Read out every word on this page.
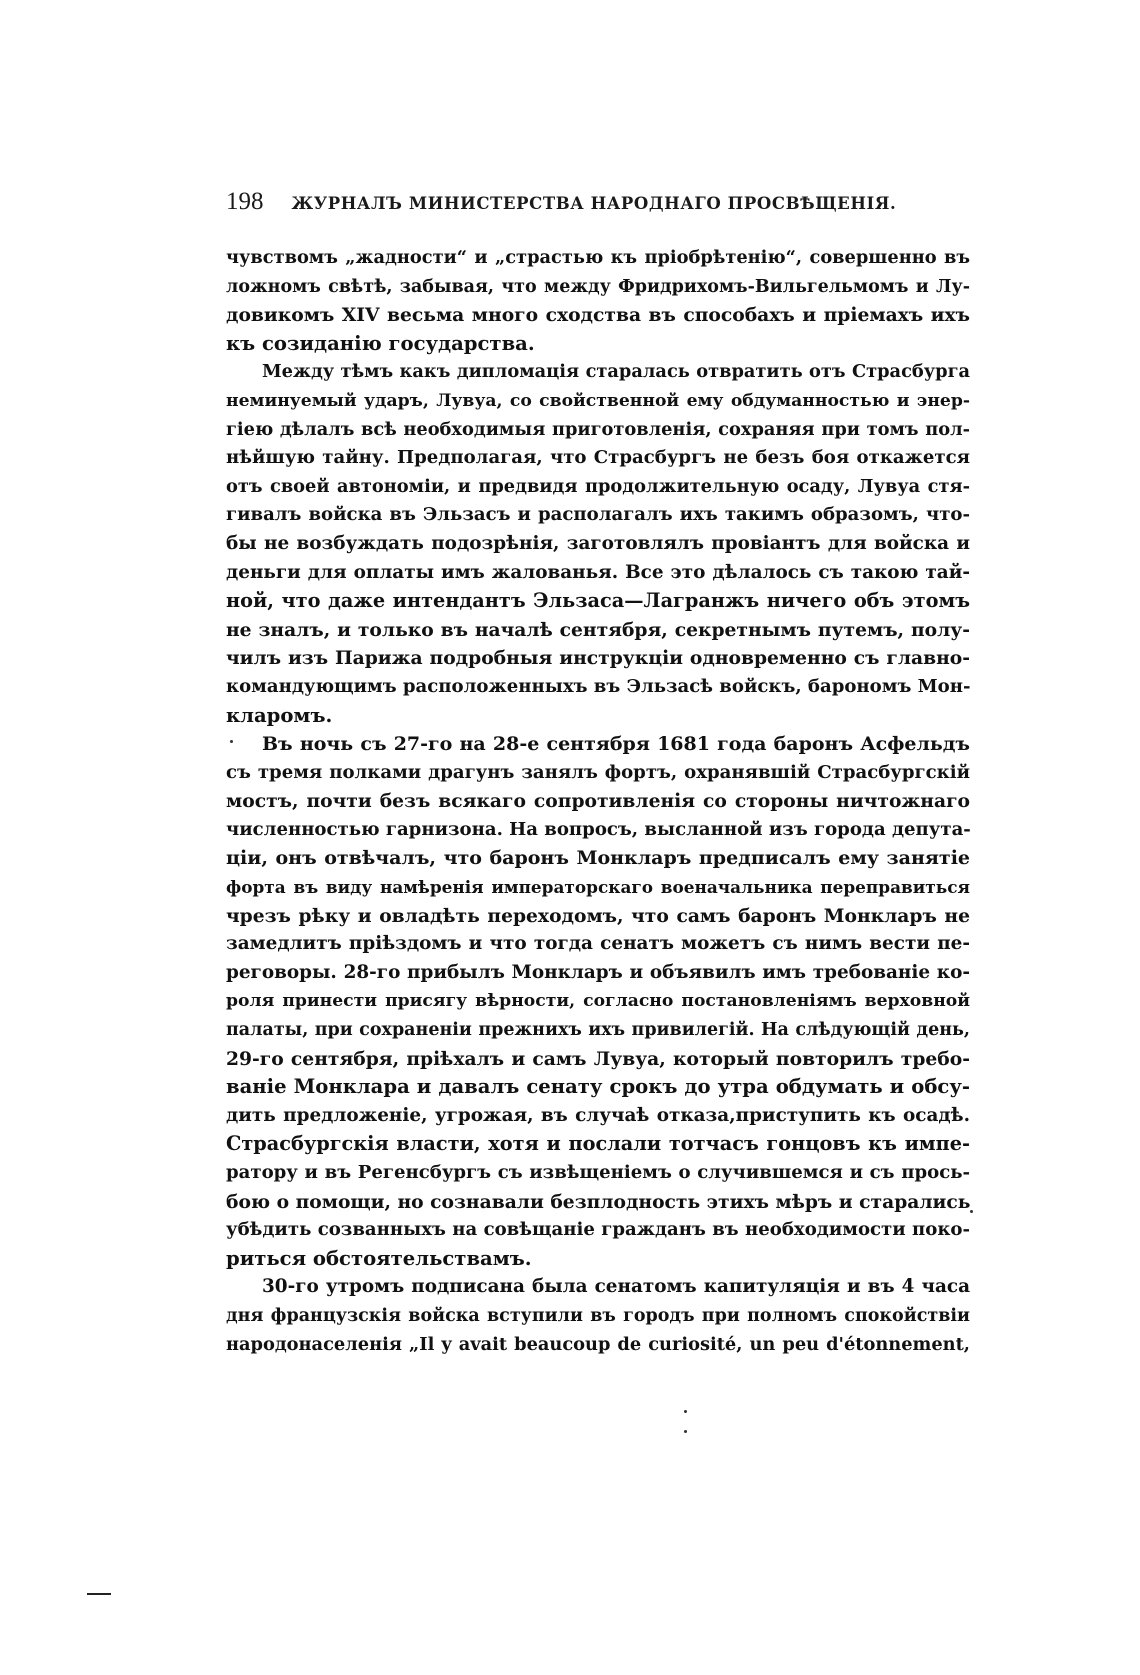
198 ЖУРНАЛЪ МИНИСТЕРСТВА НАРОДНАГО ПРОСВѢЩЕНІЯ.
чувствомъ „жадности“ и „страстью къ пріобрѣтенію“, совершенно въ
ложномъ свѣтѣ, забывая, что между Фридрихомъ-Вильгельмомъ и Лу-
довикомъ XIV весьма много сходства въ способахъ и пріемахъ ихъ
къ созиданію государства.
Между тѣмъ какъ дипломація старалась отвратить отъ Страсбурга
неминуемый ударъ, Лувуа, со свойственной ему обдуманностью и энер-
гіею дѣлалъ всѣ необходимыя приготовленія, сохраняя при томъ пол-
нѣйшую тайну. Предполагая, что Страсбургъ не безъ боя откажется
отъ своей автономіи, и предвидя продолжительную осаду, Лувуа стя-
гивалъ войска въ Эльзасъ и располагалъ ихъ такимъ образомъ, что-
бы не возбуждать подозрѣнія, заготовлялъ провіантъ для войска и
деньги для оплаты имъ жалованья. Все это дѣлалось съ такою тай-
ной, что даже интендантъ Эльзаса—Лагранжъ ничего объ этомъ
не зналъ, и только въ началѣ сентября, секретнымъ путемъ, полу-
чилъ изъ Парижа подробныя инструкціи одновременно съ главно-
командующимъ расположенныхъ въ Эльзасѣ войскъ, барономъ Мон-
кларомъ.
Въ ночь съ 27-го на 28-е сентября 1681 года баронъ Асфельдъ
съ тремя полками драгунъ занялъ фортъ, охранявшій Страсбургскій
мостъ, почти безъ всякаго сопротивленія со стороны ничтожнаго
численностью гарнизона. На вопросъ, высланной изъ города депута-
ціи, онъ отвѣчалъ, что баронъ Монкларъ предписалъ ему занятіе
форта въ виду намѣренія императорскаго военачальника переправиться
чрезъ рѣку и овладѣть переходомъ, что самъ баронъ Монкларъ не
замедлитъ пріѣздомъ и что тогда сенатъ можетъ съ нимъ вести пе-
реговоры. 28-го прибылъ Монкларъ и объявилъ имъ требованіе ко-
роля принести присягу вѣрности, согласно постановленіямъ верховной
палаты, при сохраненіи прежнихъ ихъ привилегій. На слѣдующій день,
29-го сентября, пріѣхалъ и самъ Лувуа, который повторилъ требо-
ваніе Монклара и давалъ сенату срокъ до утра обдумать и обсу-
дить предложеніе, угрожая, въ случаѣ отказа,приступить къ осадѣ.
Страсбургскія власти, хотя и послали тотчасъ гонцовъ къ импе-
ратору и въ Регенсбургъ съ извѣщеніемъ о случившемся и съ прось-
бою о помощи, но сознавали безплодность этихъ мѣръ и старались
убѣдить созванныхъ на совѣщаніе гражданъ въ необходимости поко-
риться обстоятельствамъ.
30-го утромъ подписана была сенатомъ капитуляція и въ 4 часа
дня французскія войска вступили въ городъ при полномъ спокойствіи
народонаселенія „Il y avait beaucoup de curiosité, un peu d'étonnement,
